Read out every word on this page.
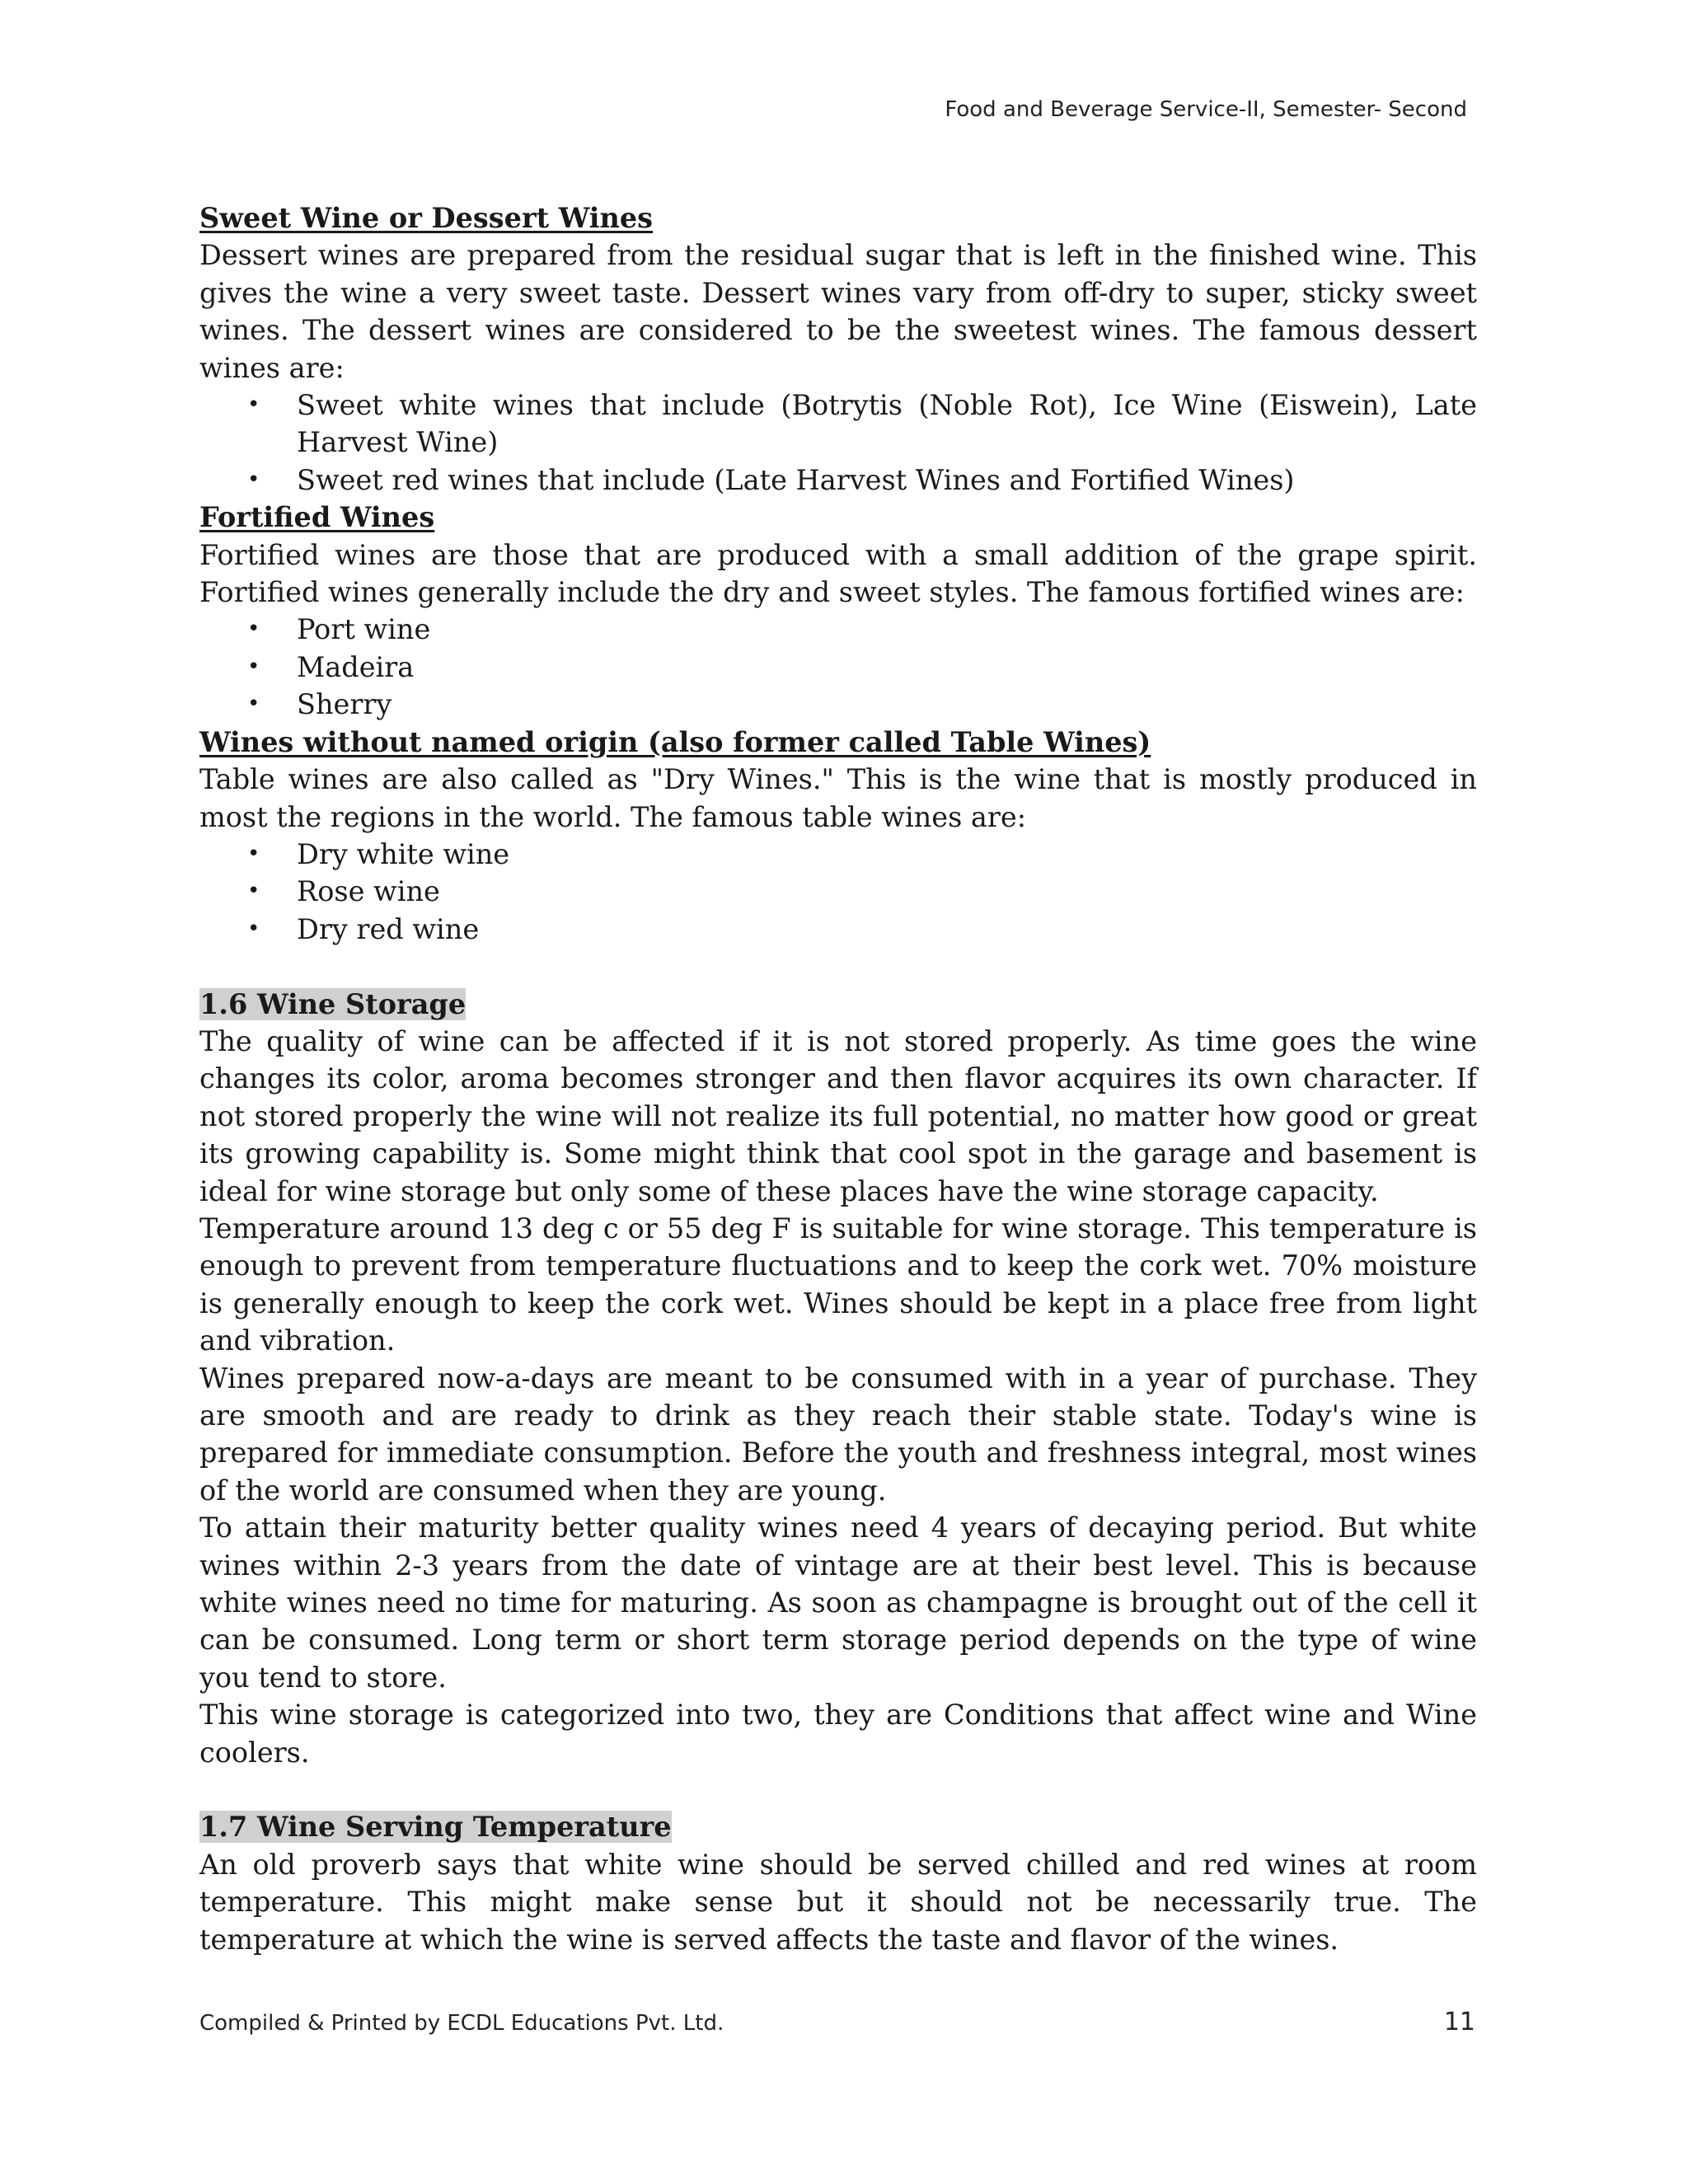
Food and Beverage Service-II, Semester- Second
Sweet Wine or Dessert Wines

Dessert wines are prepared from the residual sugar that is left in the finished wine. This gives the wine a very sweet taste. Dessert wines vary from off-dry to super, sticky sweet wines. The dessert wines are considered to be the sweetest wines. The famous dessert wines are:

• Sweet white wines that include (Botrytis (Noble Rot), Ice Wine (Eiswein), Late Harvest Wine)
• Sweet red wines that include (Late Harvest Wines and Fortified Wines)
Fortified Wines

Fortified wines are those that are produced with a small addition of the grape spirit. Fortified wines generally include the dry and sweet styles. The famous fortified wines are:

• Port wine
• Madeira
• Sherry
Wines without named origin (also former called Table Wines)

Table wines are also called as "Dry Wines." This is the wine that is mostly produced in most the regions in the world. The famous table wines are:

• Dry white wine
• Rose wine
• Dry red wine
1.6 Wine Storage

The quality of wine can be affected if it is not stored properly. As time goes the wine changes its color, aroma becomes stronger and then flavor acquires its own character. If not stored properly the wine will not realize its full potential, no matter how good or great its growing capability is. Some might think that cool spot in the garage and basement is ideal for wine storage but only some of these places have the wine storage capacity.

Temperature around 13 deg c or 55 deg F is suitable for wine storage. This temperature is enough to prevent from temperature fluctuations and to keep the cork wet. 70% moisture is generally enough to keep the cork wet. Wines should be kept in a place free from light and vibration.

Wines prepared now-a-days are meant to be consumed with in a year of purchase. They are smooth and are ready to drink as they reach their stable state. Today's wine is prepared for immediate consumption. Before the youth and freshness integral, most wines of the world are consumed when they are young.

To attain their maturity better quality wines need 4 years of decaying period. But white wines within 2-3 years from the date of vintage are at their best level. This is because white wines need no time for maturing. As soon as champagne is brought out of the cell it can be consumed. Long term or short term storage period depends on the type of wine you tend to store.

This wine storage is categorized into two, they are Conditions that affect wine and Wine coolers.

1.7 Wine Serving Temperature

An old proverb says that white wine should be served chilled and red wines at room temperature. This might make sense but it should not be necessarily true. The temperature at which the wine is served affects the taste and flavor of the wines.

Compiled & Printed by ECDL Educations Pvt. Ltd.	11
